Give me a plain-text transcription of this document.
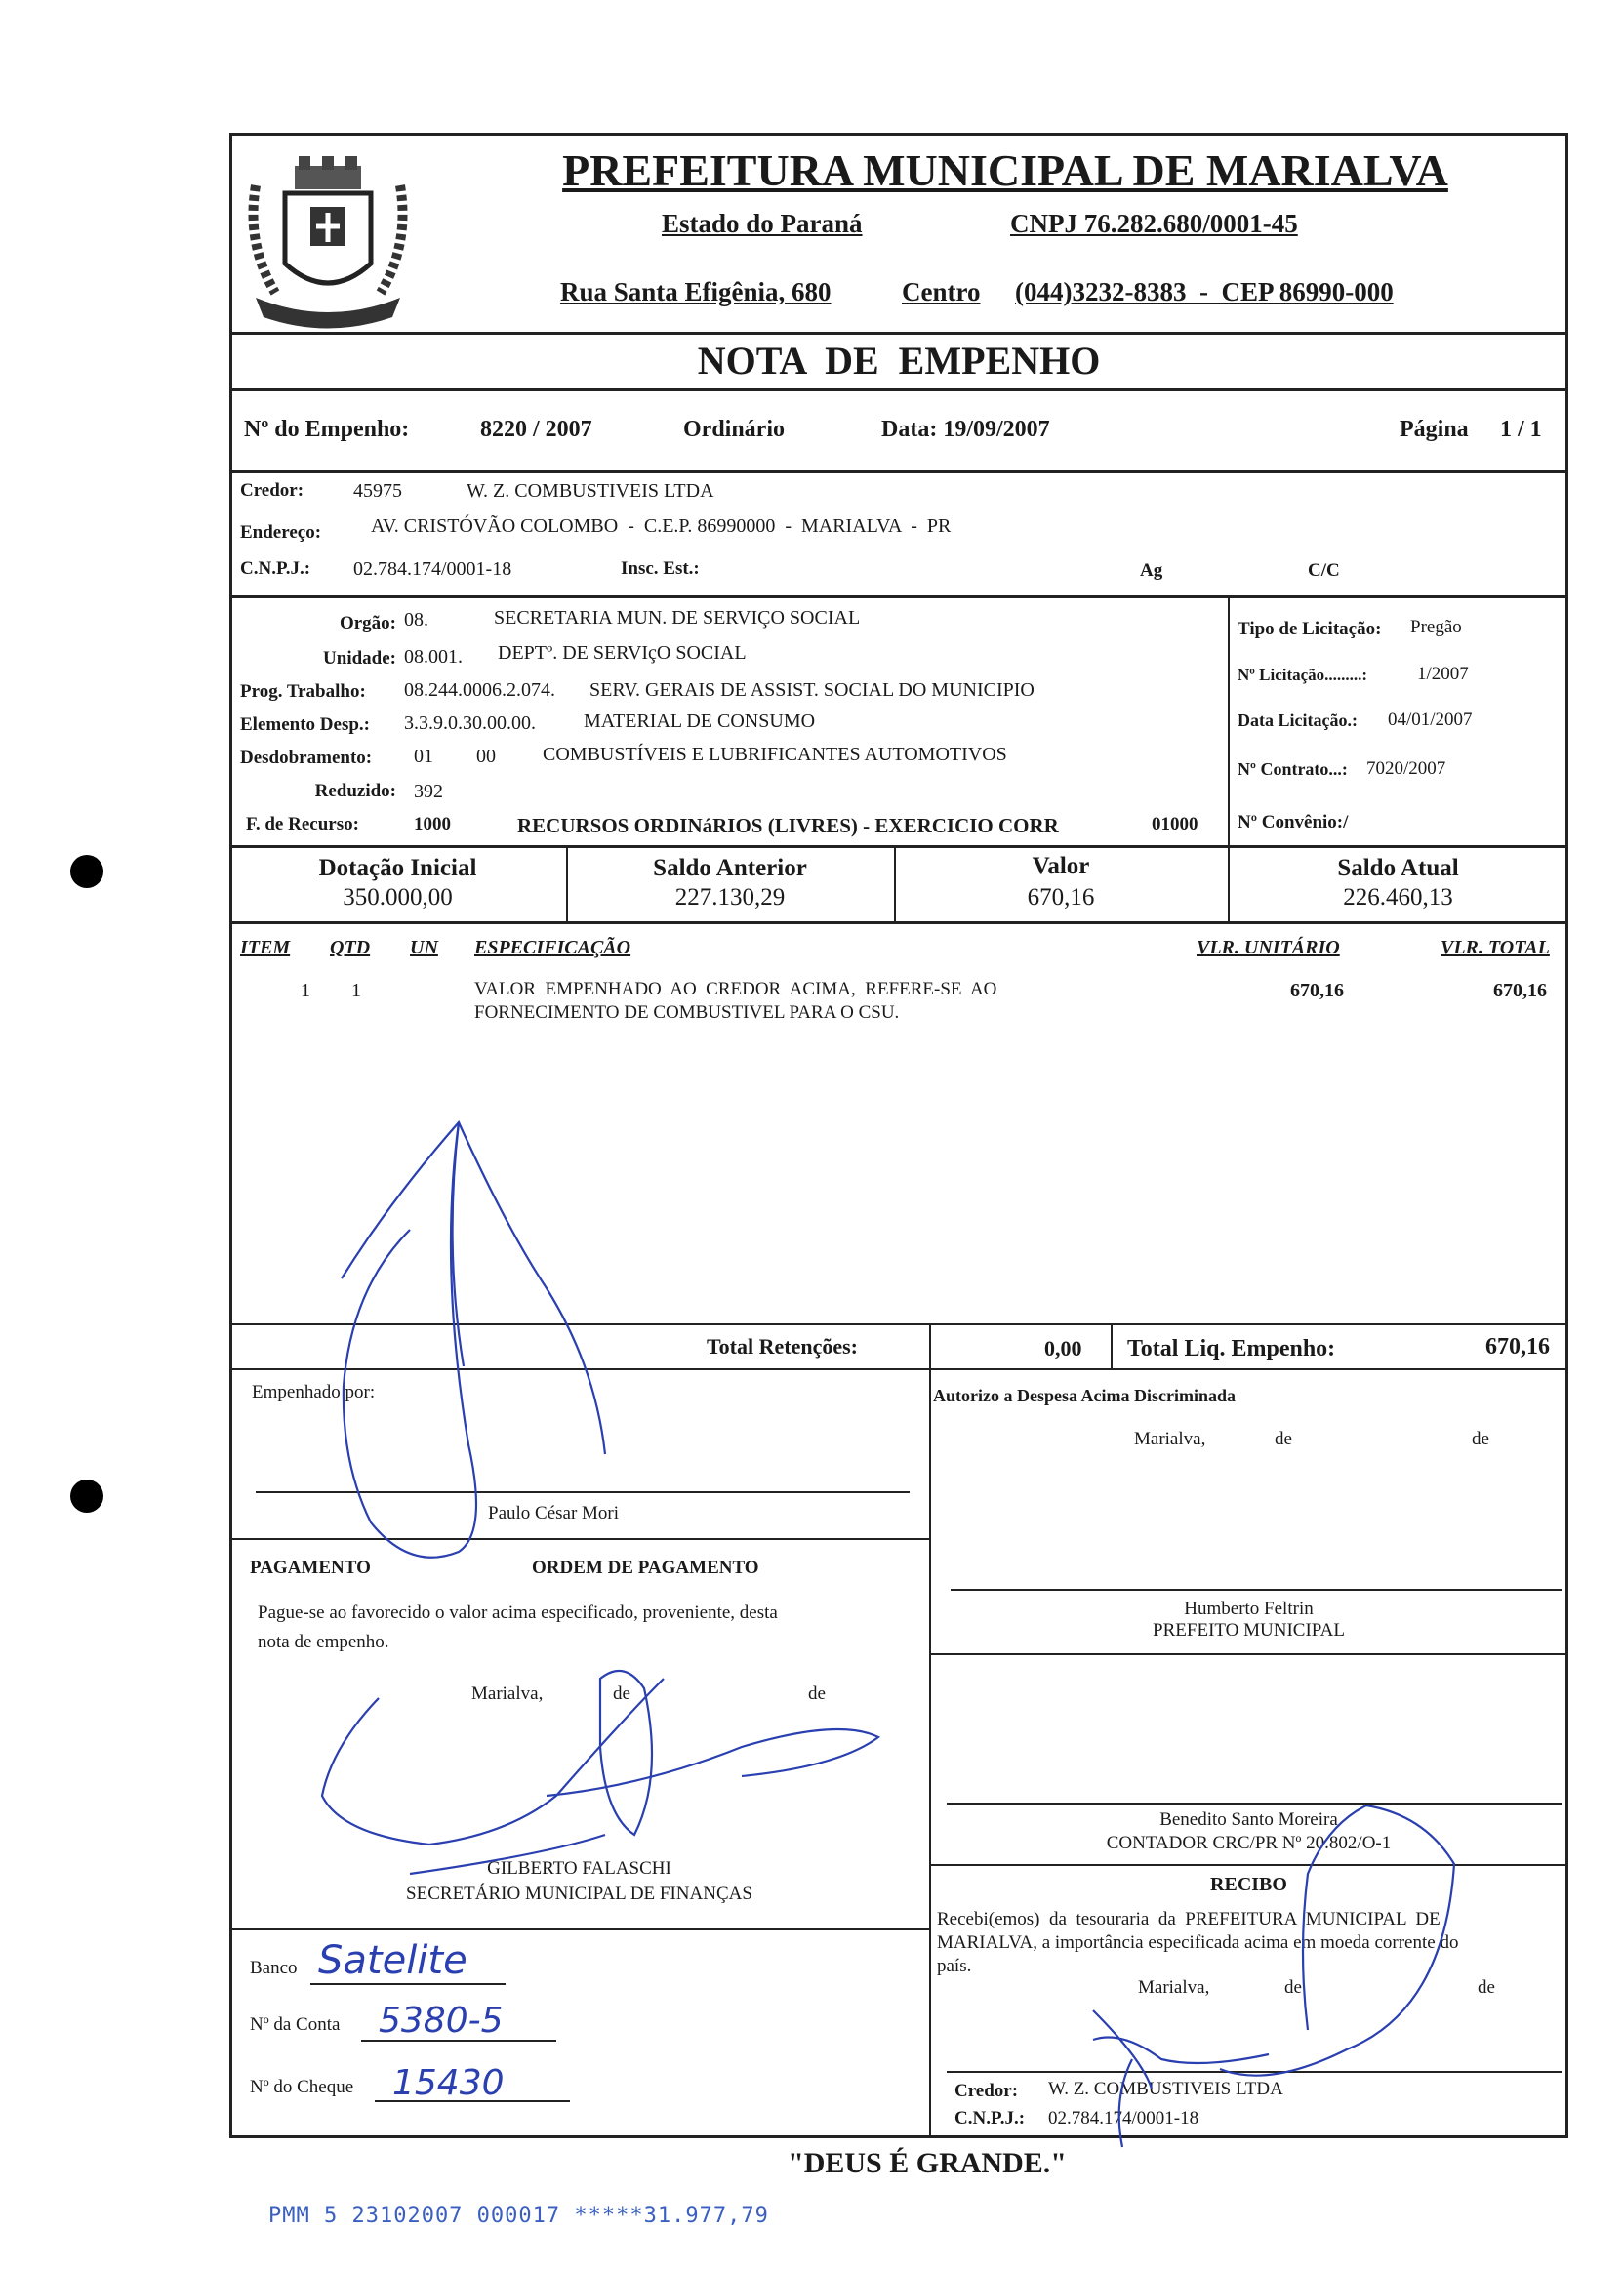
PREFEITURA MUNICIPAL DE MARIALVA
Estado do Paraná	CNPJ 76.282.680/0001-45
Rua Santa Efigênia, 680	Centro (044)3232-8383  -  CEP 86990-000
NOTA  DE  EMPENHO
Nº do Empenho:	8220 / 2007	Ordinário	Data: 19/09/2007	Página 1 / 1
Credor:	45975	W. Z. COMBUSTIVEIS LTDA
Endereço:	AV. CRISTÓVÃO COLOMBO  -  C.E.P. 86990000  -  MARIALVA  -  PR
C.N.P.J.: 02.784.174/0001-18	Insc. Est.:	Ag	C/C
Orgão: 08.	SECRETARIA MUN. DE SERVIÇO SOCIAL
Unidade: 08.001. DEPTº. DE SERVIçO SOCIAL
Prog. Trabalho: 08.244.0006.2.074. SERV. GERAIS DE ASSIST. SOCIAL DO MUNICIPIO
Elemento Desp.: 3.3.9.0.30.00.00. MATERIAL DE CONSUMO
Desdobramento: 01 00 COMBUSTÍVEIS E LUBRIFICANTES AUTOMOTIVOS
Reduzido: 392
F. de Recurso:	1000	RECURSOS ORDINáRIOS (LIVRES) - EXERCICIO CORR	01000
Tipo de Licitação: Pregão
Nº Licitação.........:	1/2007
Data Licitação.: 04/01/2007
Nº Contrato...: 7020/2007
Nº Convênio:/
Dotação Inicial
350.000,00
Saldo Anterior
227.130,29
Valor
670,16
Saldo Atual
226.460,13
ITEM QTD UN ESPECIFICAÇÃO	VLR. UNITÁRIO	VLR. TOTAL
1 1	VALOR  EMPENHADO  AO  CREDOR  ACIMA,  REFERE-SE  AO
FORNECIMENTO DE COMBUSTIVEL PARA O CSU.
670,16	670,16
Total Retenções:	0,00 Total Liq. Empenho:	670,16
Empenhado por:
Paulo César Mori
Autorizo a Despesa Acima Discriminada
Marialva,	de	de
Humberto Feltrin
PREFEITO MUNICIPAL
PAGAMENTO	ORDEM DE PAGAMENTO
Pague-se ao favorecido o valor acima especificado, proveniente, desta
nota de empenho.
Marialva,	de	de
GILBERTO FALASCHI
SECRETÁRIO MUNICIPAL DE FINANÇAS
Benedito Santo Moreira
CONTADOR CRC/PR Nº 20.802/O-1
RECIBO
Recebi(emos)  da  tesouraria  da  PREFEITURA  MUNICIPAL  DE
MARIALVA, a importância especificada acima em moeda corrente do
país.
Marialva,	de	de
Credor: W. Z. COMBUSTIVEIS LTDA
C.N.P.J.: 02.784.174/0001-18
Banco Satelite
Nº da Conta 5380-5
Nº do Cheque 15430
"DEUS É GRANDE."
PMM 5 23102007 000017 *****31.977,79
